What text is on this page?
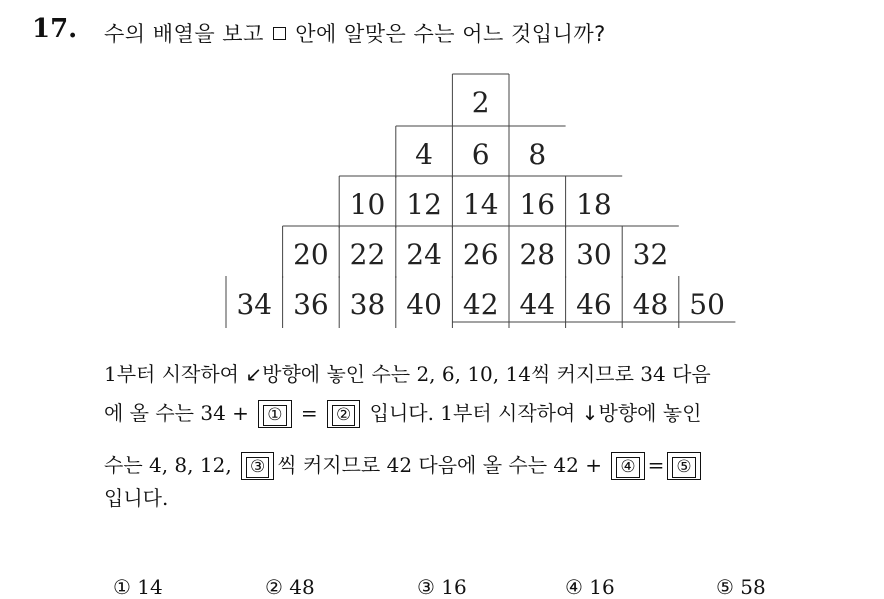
17. 수의 배열을 보고 안에 알맞은 수는 어느 것입니까?
2
4 6 8
10 12 14 16 18
20 22 24 26 28 30 32
34 36 38 40 42 44 46 48 50
1부터 시작하여 ↙방향에 놓인 수는 2, 6, 10, 14씩 커지므로 34 다음
에 올 수는 34 + ① = ② 입니다. 1부터 시작하여 ↓방향에 놓인
수는 4, 8, 12, ③ 씩 커지므로 42 다음에 올 수는 42 + ④ = ⑤
입니다.
① 14	② 48	③ 16	④ 16	⑤ 58
